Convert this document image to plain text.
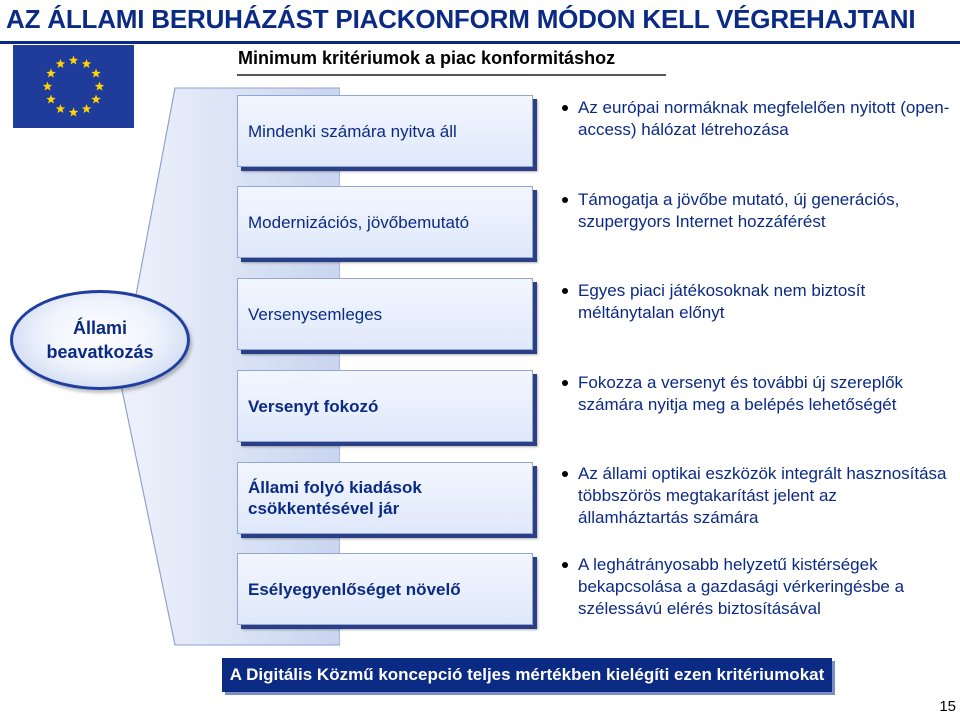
AZ ÁLLAMI BERUHÁZÁST PIACKONFORM MÓDON KELL VÉGREHAJTANI
Minimum kritériumok a piac konformitáshoz
Állami
beavatkozás
Mindenki számára nyitva áll
Modernizációs, jövőbemutató
Versenysemleges
Versenyt fokozó
Állami folyó kiadások csökkentésével jár
Esélyegyenlőséget növelő
Az európai normáknak megfelelően nyitott (open-access) hálózat létrehozása
Támogatja a jövőbe mutató, új generációs, szupergyors Internet hozzáférést
Egyes piaci játékosoknak nem biztosít méltánytalan előnyt
Fokozza a versenyt és további új szereplők számára nyitja meg a belépés lehetőségét
Az állami optikai eszközök integrált hasznosítása többszörös megtakarítást jelent az államháztartás számára
A leghátrányosabb helyzetű kistérségek bekapcsolása a gazdasági vérkeringésbe a szélessávú elérés biztosításával
A Digitális Közmű koncepció teljes mértékben kielégíti ezen kritériumokat
15
